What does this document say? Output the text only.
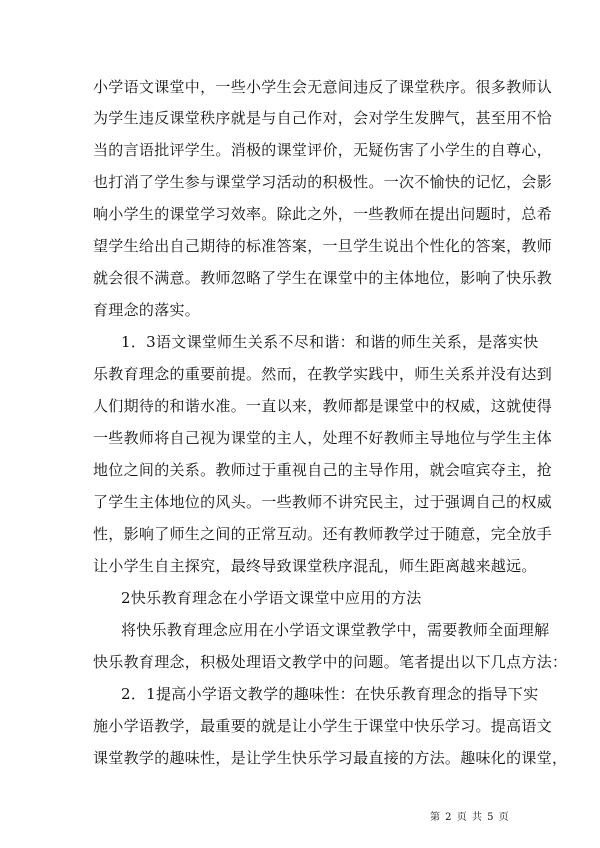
小学语文课堂中，一些小学生会无意间违反了课堂秩序。很多教师认
为学生违反课堂秩序就是与自己作对，会对学生发脾气，甚至用不恰
当的言语批评学生。消极的课堂评价，无疑伤害了小学生的自尊心，
也打消了学生参与课堂学习活动的积极性。一次不愉快的记忆，会影
响小学生的课堂学习效率。除此之外，一些教师在提出问题时，总希
望学生给出自己期待的标准答案，一旦学生说出个性化的答案，教师
就会很不满意。教师忽略了学生在课堂中的主体地位，影响了快乐教
育理念的落实。
1．3语文课堂师生关系不尽和谐：和谐的师生关系，是落实快
乐教育理念的重要前提。然而，在教学实践中，师生关系并没有达到
人们期待的和谐水准。一直以来，教师都是课堂中的权威，这就使得
一些教师将自己视为课堂的主人，处理不好教师主导地位与学生主体
地位之间的关系。教师过于重视自己的主导作用，就会喧宾夺主，抢
了学生主体地位的风头。一些教师不讲究民主，过于强调自己的权威
性，影响了师生之间的正常互动。还有教师教学过于随意，完全放手
让小学生自主探究，最终导致课堂秩序混乱，师生距离越来越远。
2快乐教育理念在小学语文课堂中应用的方法
将快乐教育理念应用在小学语文课堂教学中，需要教师全面理解
快乐教育理念，积极处理语文教学中的问题。笔者提出以下几点方法：
2．1提高小学语文教学的趣味性：在快乐教育理念的指导下实
施小学语教学，最重要的就是让小学生于课堂中快乐学习。提高语文
课堂教学的趣味性，是让学生快乐学习最直接的方法。趣味化的课堂，
第 2 页 共 5 页
